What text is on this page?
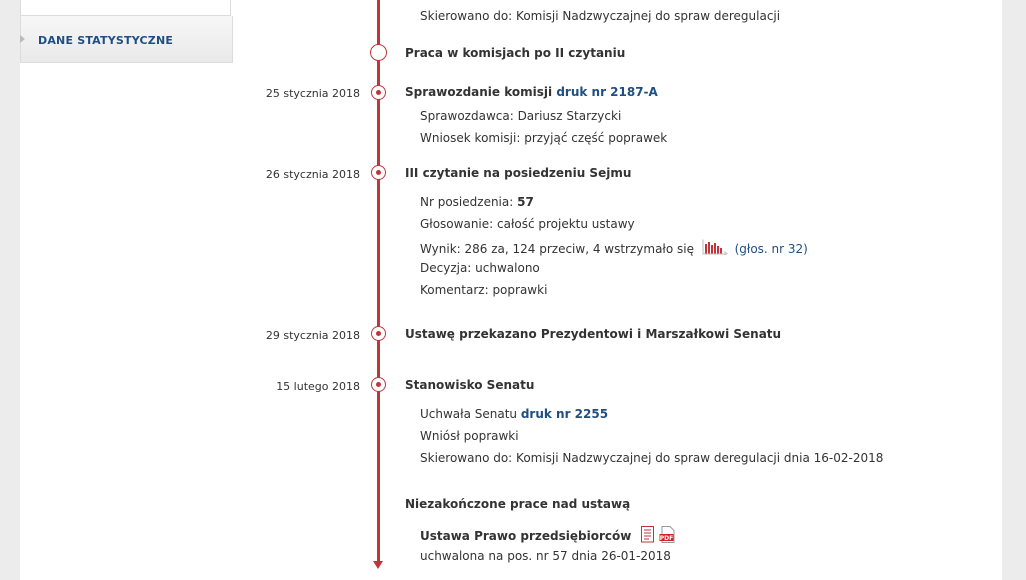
DANE STATYSTYCZNE
Skierowano do: Komisji Nadzwyczajnej do spraw deregulacji
Praca w komisjach po II czytaniu
25 stycznia 2018	Sprawozdanie komisji druk nr 2187-A
Sprawozdawca: Dariusz Starzycki
Wniosek komisji: przyjąć część poprawek
26 stycznia 2018	III czytanie na posiedzeniu Sejmu
Nr posiedzenia: 57
Głosowanie: całość projektu ustawy
Wynik: 286 za, 124 przeciw, 4 wstrzymało się	(głos. nr 32)
Decyzja: uchwalono
Komentarz: poprawki
29 stycznia 2018	Ustawę przekazano Prezydentowi i Marszałkowi Senatu
15 lutego 2018	Stanowisko Senatu
Uchwała Senatu druk nr 2255
Wniósł poprawki
Skierowano do: Komisji Nadzwyczajnej do spraw deregulacji dnia 16-02-2018
Niezakończone prace nad ustawą
Ustawa Prawo przedsiębiorców	PDF
uchwalona na pos. nr 57 dnia 26-01-2018
